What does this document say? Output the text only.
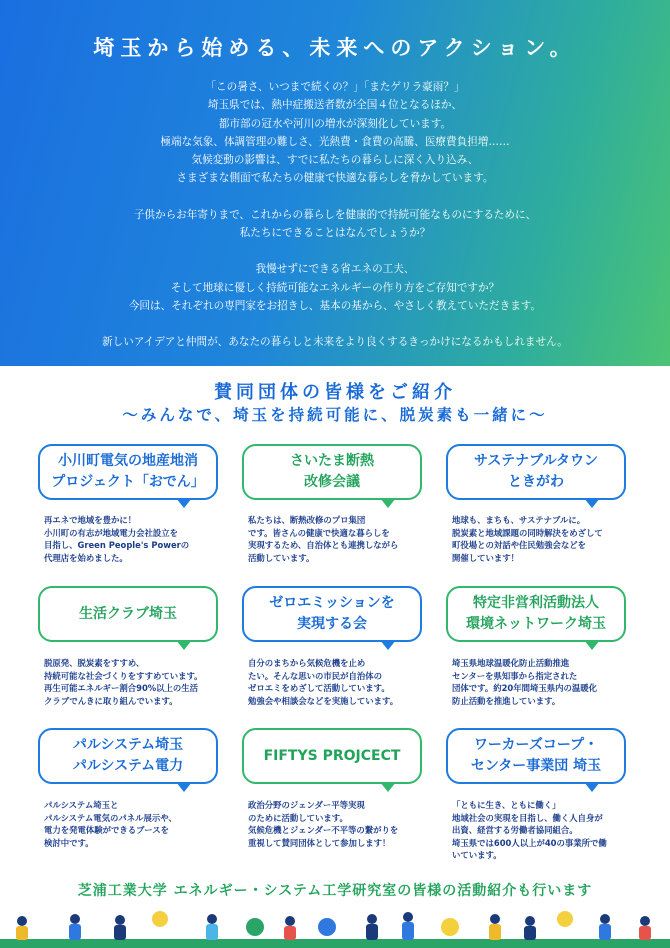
埼玉から始める、未来へのアクション。

「この暑さ、いつまで続くの？」「またゲリラ豪雨？」

埼玉県では、熱中症搬送者数が全国４位となるほか、

都市部の冠水や河川の増水が深刻化しています。

極端な気象、体調管理の難しさ、光熱費・食費の高騰、医療費負担増……

気候変動の影響は、すでに私たちの暮らしに深く入り込み、

さまざまな側面で私たちの健康で快適な暮らしを脅かしています。

子供からお年寄りまで、これからの暮らしを健康的で持続可能なものにするために、

私たちにできることはなんでしょうか？

我慢せずにできる省エネの工夫、

そして地球に優しく持続可能なエネルギーの作り方をご存知ですか？

今回は、それぞれの専門家をお招きし、基本の基から、やさしく教えていただきます。

新しいアイデアと仲間が、あなたの暮らしと未来をより良くするきっかけになるかもしれません。

賛同団体の皆様をご紹介
～みんなで、埼玉を持続可能に、脱炭素も一緒に～
小川町電気の地産地消
プロジェクト「おでん」

再エネで地域を豊かに！

小川町の有志が地域電力会社設立を

目指し、Green People's Powerの

代理店を始めました。

さいたま断熱
改修会議

私たちは、断熱改修のプロ集団

です。皆さんの健康で快適な暮らしを

実現するため、自治体とも連携しながら

活動しています。

サステナブルタウン
ときがわ

地球も、まちも、サステナブルに。

脱炭素と地域課題の同時解決をめざして

町役場との対話や住民勉強会などを

開催しています！

生活クラブ埼玉

脱原発、脱炭素をすすめ、

持続可能な社会づくりをすすめています。

再生可能エネルギー割合90%以上の生活

クラブでんきに取り組んでいます。

ゼロエミッションを
実現する会

自分のまちから気候危機を止め

たい。そんな思いの市民が自治体の

ゼロエミをめざして活動しています。

勉強会や相談会などを実施しています。

特定非営利活動法人
環境ネットワーク埼玉

埼玉県地球温暖化防止活動推進

センターを県知事から指定された

団体です。約20年間埼玉県内の温暖化

防止活動を推進しています。

パルシステム埼玉
パルシステム電力

パルシステム埼玉と

パルシステム電気のパネル展示や、

電力を発電体験ができるブースを

検討中です。

FIFTYS PROJCECT

政治分野のジェンダー平等実現

のために活動しています。

気候危機とジェンダー不平等の繋がりを

重視して賛同団体として参加します！

ワーカーズコープ・
センター事業団 埼玉

「ともに生き、ともに働く」

地域社会の実現を目指し、働く人自身が

出資、経営する労働者協同組合。

埼玉県では600人以上が40の事業所で働

いています。

芝浦工業大学 エネルギー・システム工学研究室の皆様の活動紹介も行います
